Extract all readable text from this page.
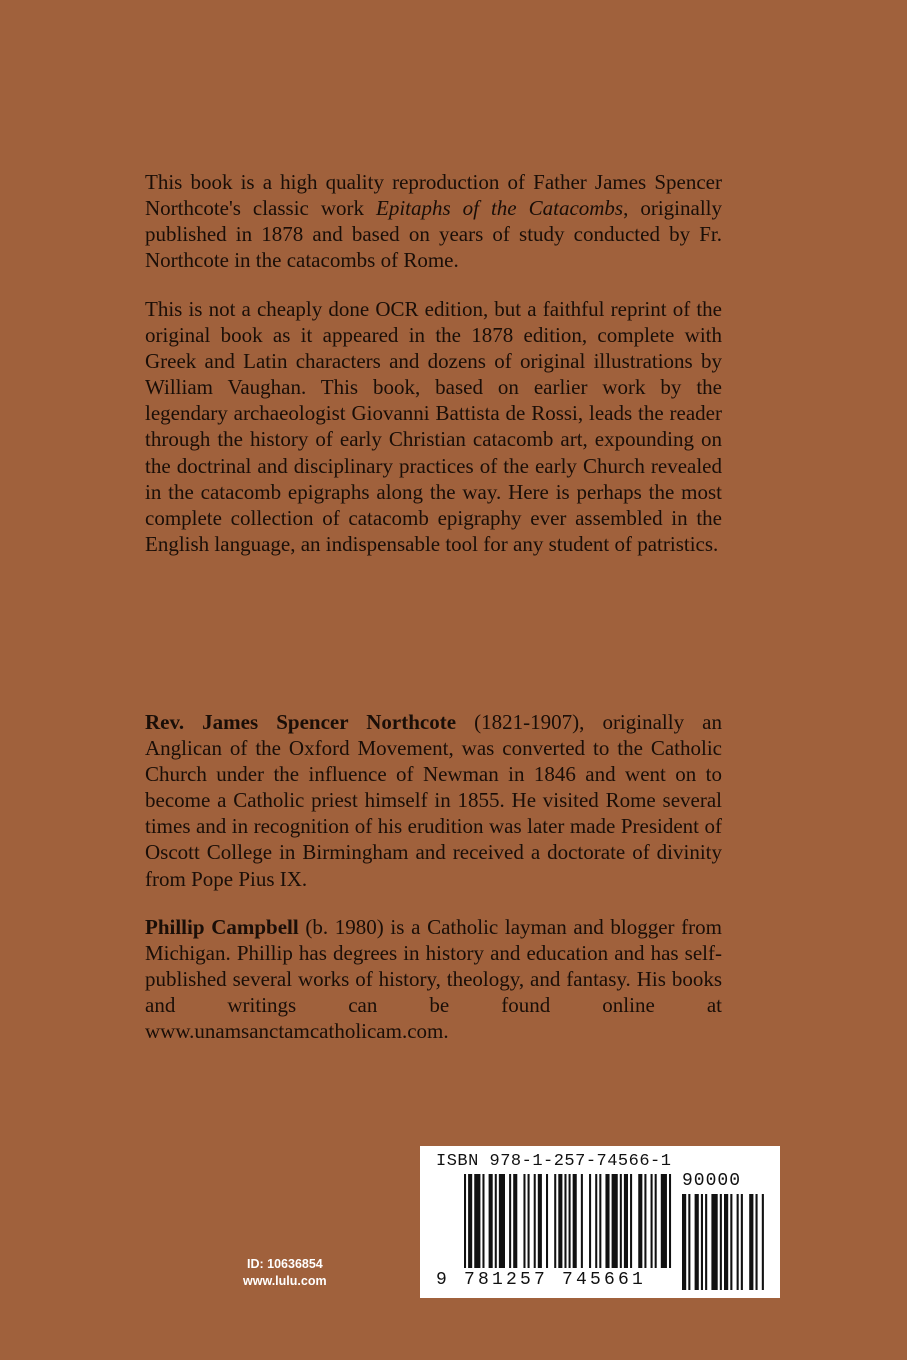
This book is a high quality reproduction of Father James Spencer Northcote's classic work Epitaphs of the Catacombs, originally published in 1878 and based on years of study conducted by Fr. Northcote in the catacombs of Rome.

This is not a cheaply done OCR edition, but a faithful reprint of the original book as it appeared in the 1878 edition, complete with Greek and Latin characters and dozens of original illustrations by William Vaughan. This book, based on earlier work by the legendary archaeologist Giovanni Battista de Rossi, leads the reader through the history of early Christian catacomb art, expounding on the doctrinal and disciplinary practices of the early Church revealed in the catacomb epigraphs along the way. Here is perhaps the most complete collection of catacomb epigraphy ever assembled in the English language, an indispensable tool for any student of patristics.

Rev. James Spencer Northcote (1821-1907), originally an Anglican of the Oxford Movement, was converted to the Catholic Church under the influence of Newman in 1846 and went on to become a Catholic priest himself in 1855. He visited Rome several times and in recognition of his erudition was later made President of Oscott College in Birmingham and received a doctorate of divinity from Pope Pius IX.

Phillip Campbell (b. 1980) is a Catholic layman and blogger from Michigan. Phillip has degrees in history and education and has self-published several works of history, theology, and fantasy. His books and writings can be found online at www.unamsanctamcatholicam.com.

ID: 10636854
www.lulu.com
ISBN 978-1-257-74566-1
90000
9 781257 745661
